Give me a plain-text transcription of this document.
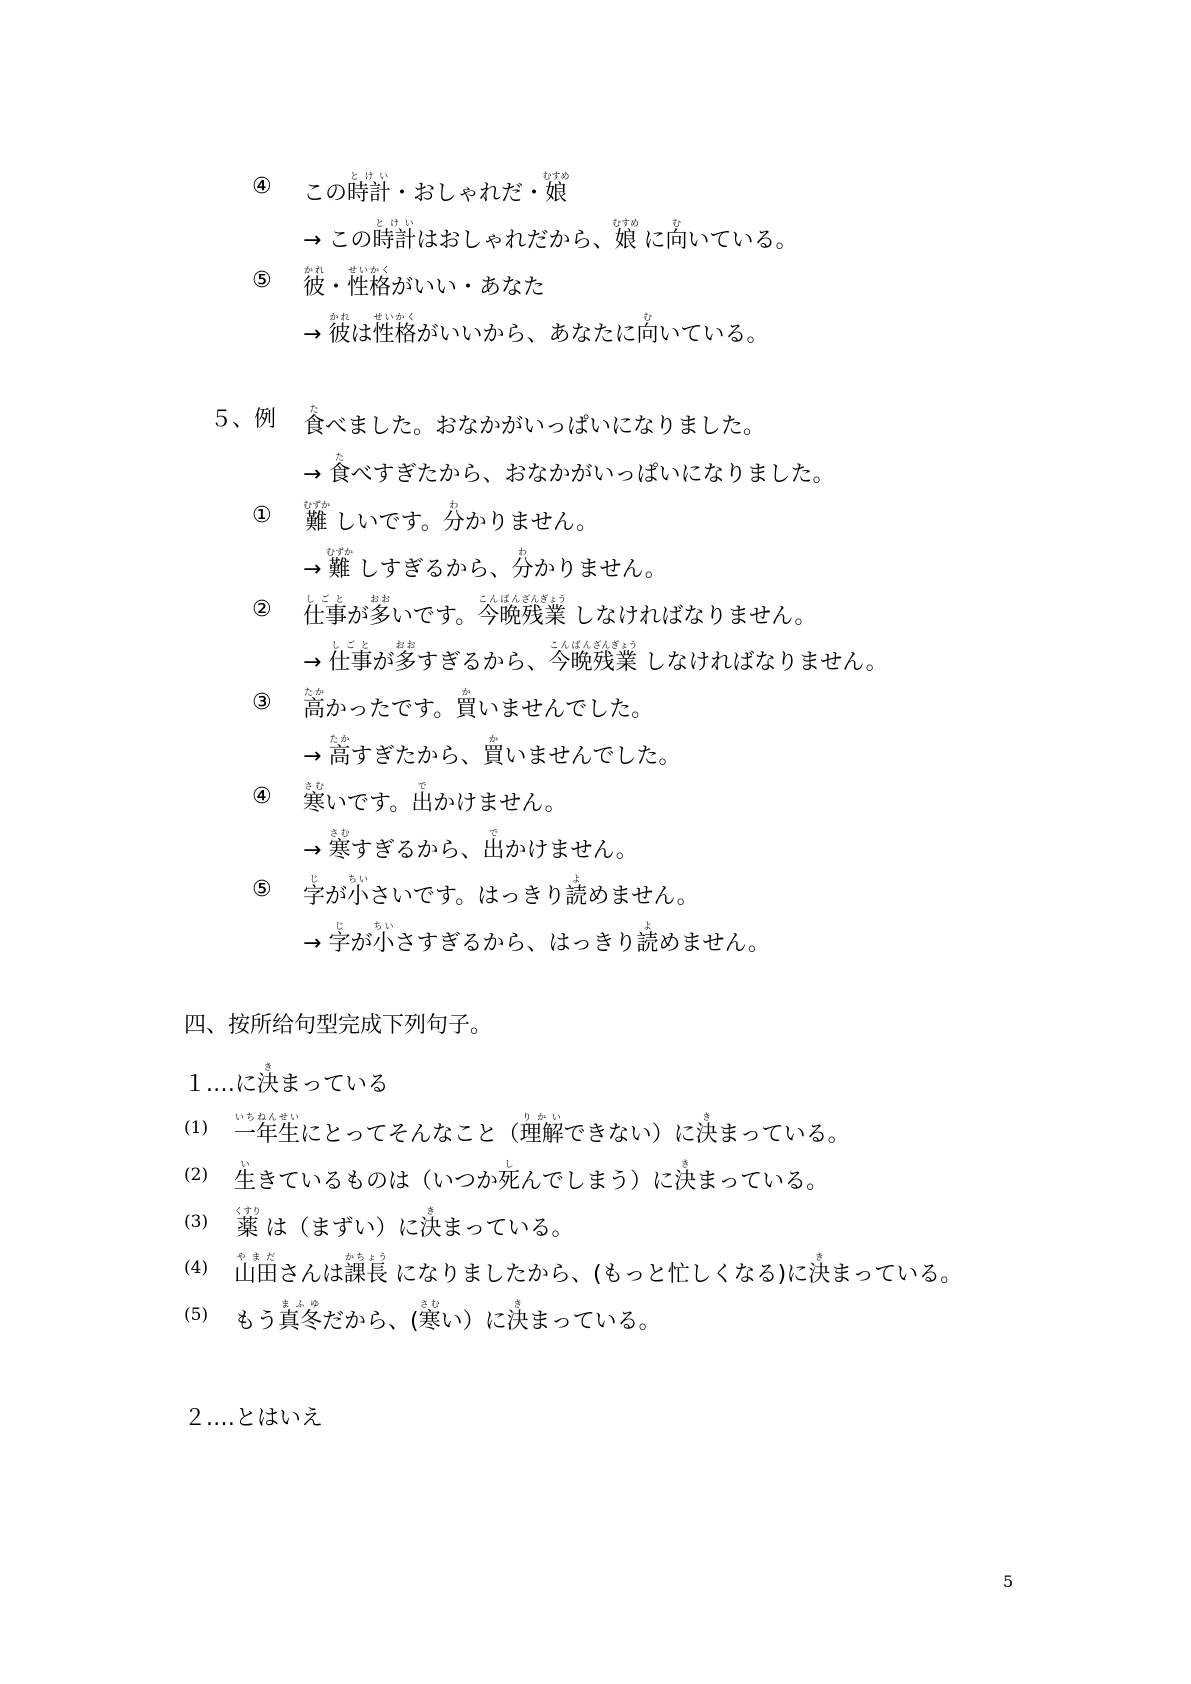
この時計とけい・おしゃれだ・娘むすめ
④
→ この時計とけいはおしゃれだから、娘むすめ に向むいている。
彼かれ・性格せいかくがいい・あなた
⑤
→ 彼かれは性格せいかくがいいから、あなたに向むいている。
食たべました。おなかがいっぱいになりました。
５、例
→ 食たべすぎたから、おなかがいっぱいになりました。
難むずか しいです。分わかりません。
①
→ 難むずか しすぎるから、分わかりません。
仕事しごとが多おおいです。今晩こんばん残業ざんぎょう しなければなりません。
②
→ 仕事しごとが多おおすぎるから、今晩こんばん残業ざんぎょう しなければなりません。
高たかかったです。買かいませんでした。
③
→ 高たかすぎたから、買かいませんでした。
寒さむいです。出でかけません。
④
→ 寒さむすぎるから、出でかけません。
字じが小ちいさいです。はっきり読よめません。
⑤
→ 字じが小ちいさすぎるから、はっきり読よめません。
四、按所给句型完成下列句子。
１.…に決きまっている
一年生いちねんせいにとってそんなこと（理解りかいできない）に決きまっている。
(1)
生いきているものは（いつか死しんでしまう）に決きまっている。
(2)
薬くすり は（まずい）に決きまっている。
(3)
山田やまださんは課長かちょう になりましたから、(もっと忙しくなる)に決きまっている。
(4)
もう真冬まふゆだから、(寒さむい）に決きまっている。
(5)
２.…とはいえ
5
